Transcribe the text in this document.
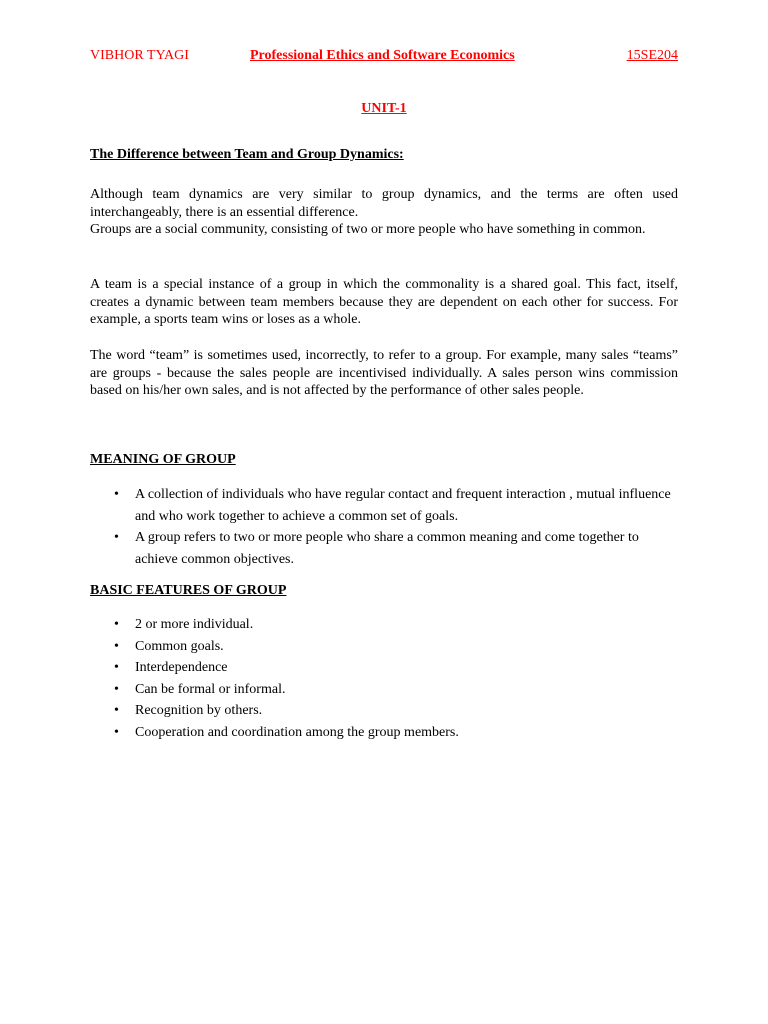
VIBHOR TYAGI	Professional Ethics and Software Economics	15SE204
UNIT-1
The Difference between Team and Group Dynamics:

Although team dynamics are very similar to group dynamics, and the terms are often used interchangeably, there is an essential difference.

Groups are a social community, consisting of two or more people who have something in common.

A team is a special instance of a group in which the commonality is a shared goal. This fact, itself, creates a dynamic between team members because they are dependent on each other for success. For example, a sports team wins or loses as a whole.
The word “team” is sometimes used, incorrectly, to refer to a group. For example, many sales “teams” are groups - because the sales people are incentivised individually. A sales person wins commission based on his/her own sales, and is not affected by the performance of other sales people.
MEANING OF GROUP
• A collection of individuals who have regular contact and frequent interaction , mutual influence and who work together to achieve a common set of goals.
• A group refers to two or more people who share a common meaning and come together to achieve common objectives.
BASIC FEATURES OF GROUP
• 2 or more individual.
• Common goals.
• Interdependence
• Can be formal or informal.
• Recognition by others.
• Cooperation and coordination among the group members.
